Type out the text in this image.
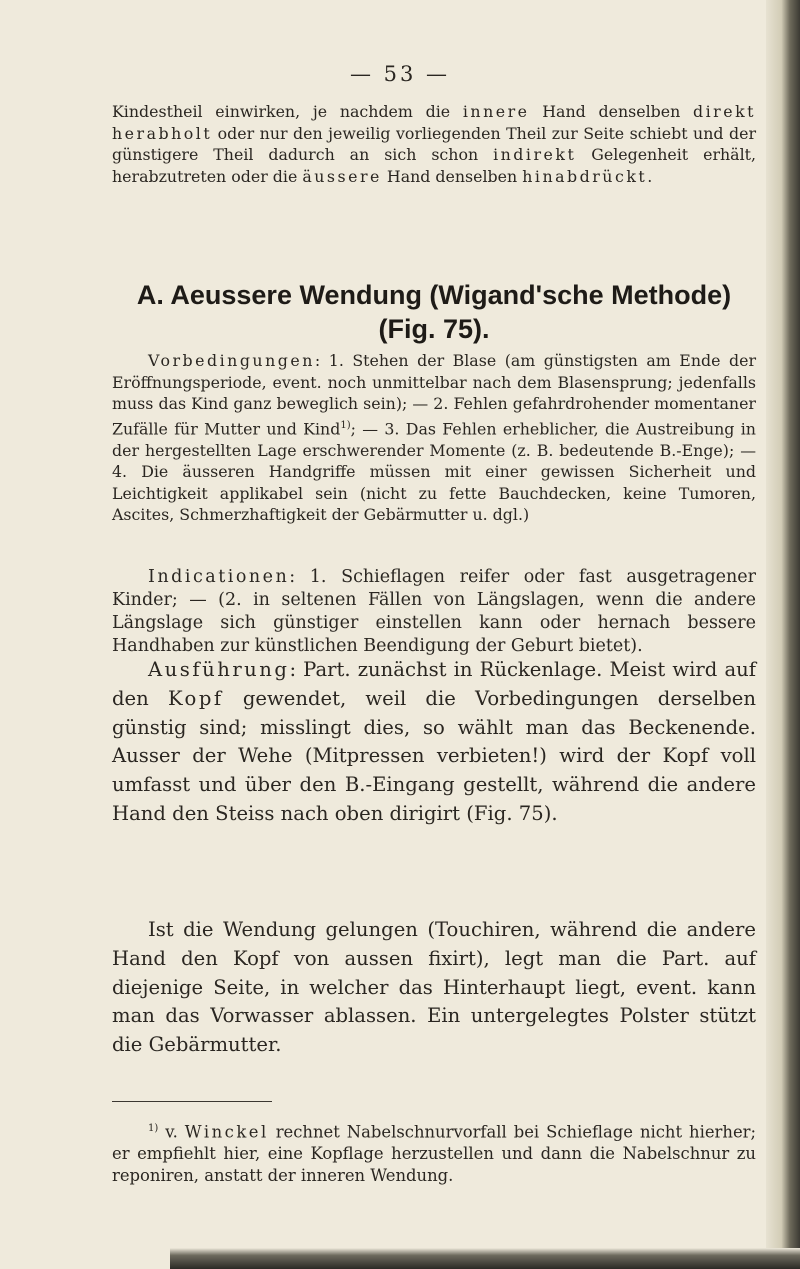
— 53 —

Kindestheil einwirken, je nachdem die innere Hand denselben direkt herabholt oder nur den jeweilig vorliegenden Theil zur Seite schiebt und der günstigere Theil dadurch an sich schon indirekt Gelegenheit erhält, herabzutreten oder die äussere Hand denselben hinabdrückt.

A. Aeussere Wendung (Wigand'sche Methode)
(Fig. 75).

Vorbedingungen: 1. Stehen der Blase (am günstigsten am Ende der Eröffnungsperiode, event. noch unmittelbar nach dem Blasensprung; jedenfalls muss das Kind ganz beweglich sein); — 2. Fehlen gefahrdrohender momentaner Zufälle für Mutter und Kind$^{1)}$; — 3. Das Fehlen erheblicher, die Austreibung in der hergestellten Lage erschwerender Momente (z. B. bedeutende B.-Enge); — 4. Die äusseren Handgriffe müssen mit einer gewissen Sicherheit und Leichtigkeit applikabel sein (nicht zu fette Bauchdecken, keine Tumoren, Ascites, Schmerzhaftigkeit der Gebärmutter u. dgl.)

Indicationen: 1. Schieflagen reifer oder fast ausgetragener Kinder; — (2. in seltenen Fällen von Längslagen, wenn die andere Längslage sich günstiger einstellen kann oder hernach bessere Handhaben zur künstlichen Beendigung der Geburt bietet).

Ausführung: Part. zunächst in Rückenlage. Meist wird auf den Kopf gewendet, weil die Vorbedingungen derselben günstig sind; misslingt dies, so wählt man das Beckenende. Ausser der Wehe (Mitpressen verbieten!) wird der Kopf voll umfasst und über den B.-Eingang gestellt, während die andere Hand den Steiss nach oben dirigirt (Fig. 75).

Ist die Wendung gelungen (Touchiren, während die andere Hand den Kopf von aussen fixirt), legt man die Part. auf diejenige Seite, in welcher das Hinterhaupt liegt, event. kann man das Vorwasser ablassen. Ein untergelegtes Polster stützt die Gebärmutter.

$^{1)}$ v. Winckel rechnet Nabelschnurvorfall bei Schieflage nicht hierher; er empfiehlt hier, eine Kopflage herzustellen und dann die Nabelschnur zu reponiren, anstatt der inneren Wendung.
